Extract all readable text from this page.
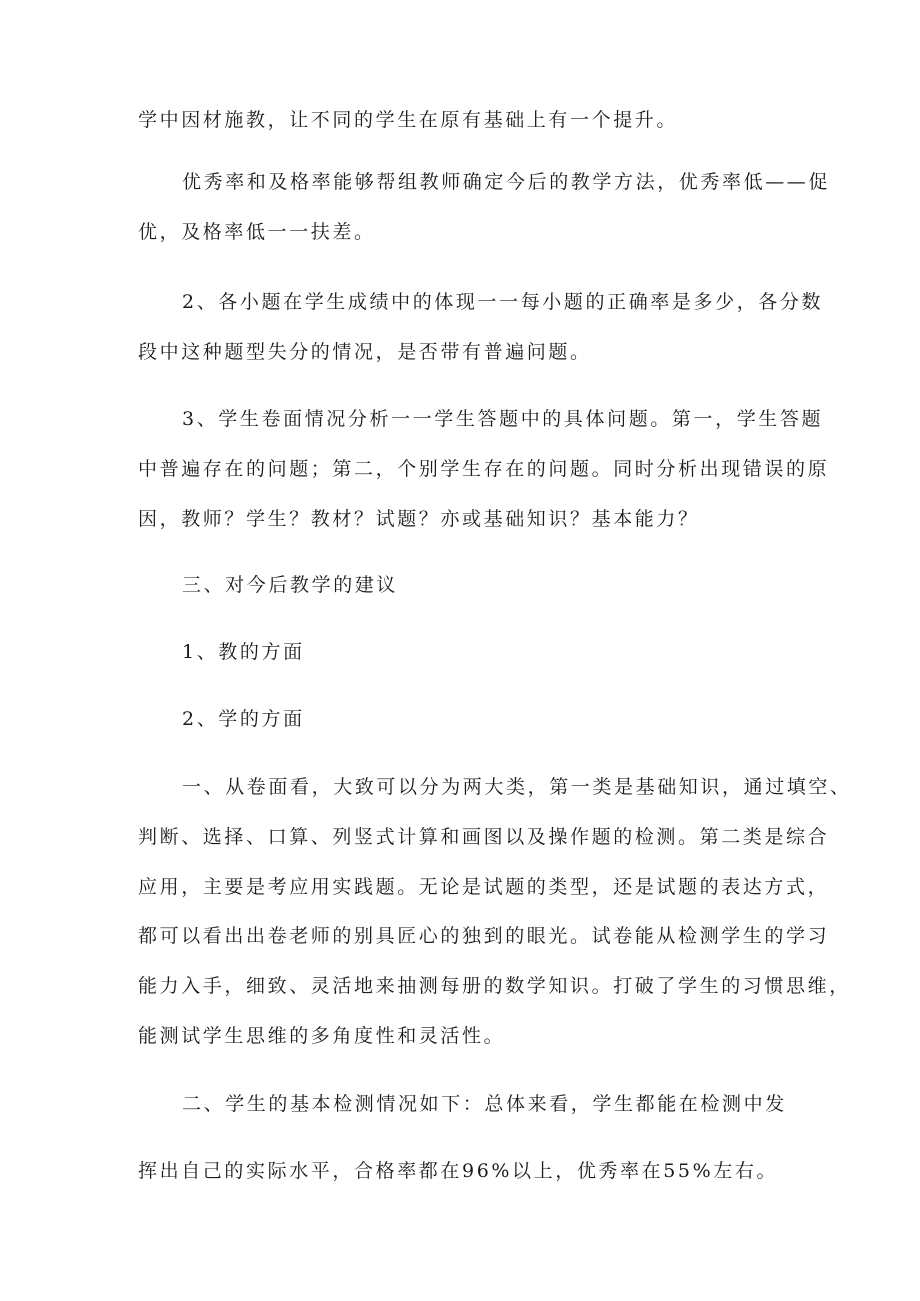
学中因材施教，让不同的学生在原有基础上有一个提升。

优秀率和及格率能够帮组教师确定今后的教学方法，优秀率低——促

优，及格率低一一扶差。

2、各小题在学生成绩中的体现一一每小题的正确率是多少，各分数

段中这种题型失分的情况，是否带有普遍问题。

3、学生卷面情况分析一一学生答题中的具体问题。第一，学生答题

中普遍存在的问题；第二，个别学生存在的问题。同时分析出现错误的原

因，教师？学生？教材？试题？亦或基础知识？基本能力？

三、对今后教学的建议

1、教的方面

2、学的方面

一、从卷面看，大致可以分为两大类，第一类是基础知识，通过填空、

判断、选择、口算、列竖式计算和画图以及操作题的检测。第二类是综合

应用，主要是考应用实践题。无论是试题的类型，还是试题的表达方式，

都可以看出出卷老师的别具匠心的独到的眼光。试卷能从检测学生的学习

能力入手，细致、灵活地来抽测每册的数学知识。打破了学生的习惯思维，

能测试学生思维的多角度性和灵活性。

二、学生的基本检测情况如下：总体来看，学生都能在检测中发

挥出自己的实际水平，合格率都在96%以上，优秀率在55%左右。
